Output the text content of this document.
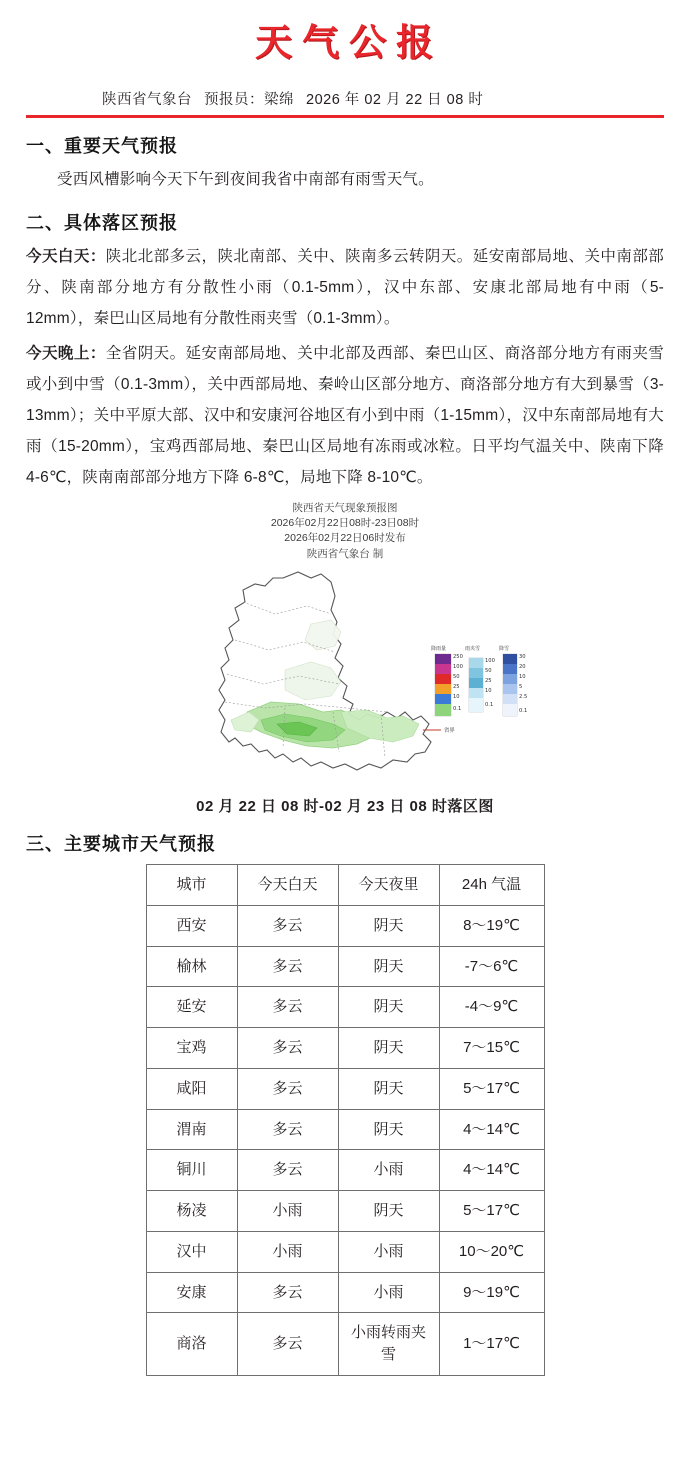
天气公报
陕西省气象台 预报员：梁绵 2026 年 02 月 22 日 08 时
一、重要天气预报

受西风槽影响今天下午到夜间我省中南部有雨雪天气。

二、具体落区预报

今天白天：陕北北部多云，陕北南部、关中、陕南多云转阴天。延安南部局地、关中南部部分、陕南部分地方有分散性小雨（0.1-5mm），汉中东部、安康北部局地有中雨（5-12mm），秦巴山区局地有分散性雨夹雪（0.1-3mm）。

今天晚上：全省阴天。延安南部局地、关中北部及西部、秦巴山区、商洛部分地方有雨夹雪或小到中雪（0.1-3mm），关中西部局地、秦岭山区部分地方、商洛部分地方有大到暴雪（3-13mm）；关中平原大部、汉中和安康河谷地区有小到中雨（1-15mm），汉中东南部局地有大雨（15-20mm），宝鸡西部局地、秦巴山区局地有冻雨或冰粒。日平均气温关中、陕南下降 4-6℃，陕南南部部分地方下降 6-8℃，局地下降 8-10℃。

陕西省天气现象预报图
2026年02月22日08时-23日08时
2026年02月22日06时发布
陕西省气象台 制
250
100
50
25
10
0.1
100
50
25
10
0.1
30
20
10
5
2.5
0.1
降雨量	雨夹雪	降雪
省界
02 月 22 日 08 时-02 月 23 日 08 时落区图
三、主要城市天气预报
城市	今天白天	今天夜里	24h 气温
西安	多云	阴天	8～19℃
榆林	多云	阴天	-7～6℃
延安	多云	阴天	-4～9℃
宝鸡	多云	阴天	7～15℃
咸阳	多云	阴天	5～17℃
渭南	多云	阴天	4～14℃
铜川	多云	小雨	4～14℃
杨凌	小雨	阴天	5～17℃
汉中	小雨	小雨	10～20℃
安康	多云	小雨	9～19℃
商洛	多云	小雨转雨夹雪	1～17℃
